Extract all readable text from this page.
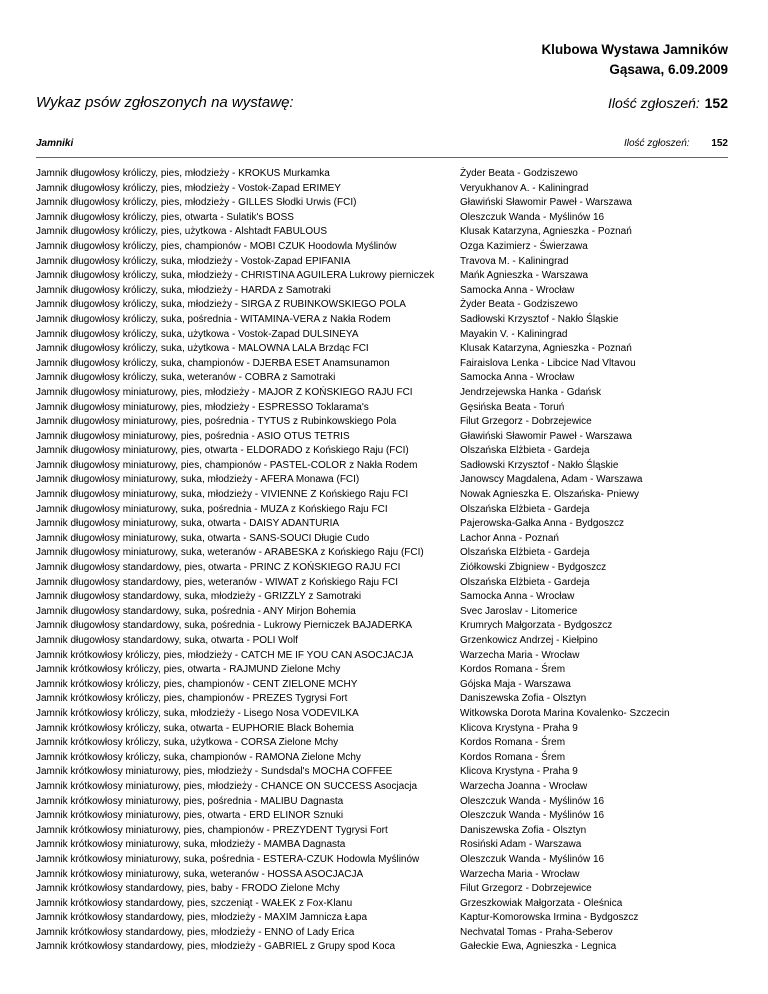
Klubowa Wystawa Jamników
Gąsawa, 6.09.2009
Wykaz psów zgłoszonych na wystawę:	Ilość zgłoszeń: 152
Jamniki	Ilość zgłoszeń: 152
Jamnik długowłosy króliczy, pies, młodzieży - KROKUS Murkamka	Żyder Beata - Godziszewo
Jamnik długowłosy króliczy, pies, młodzieży - Vostok-Zapad ERIMEY	Veryukhanov A. - Kaliningrad
Jamnik długowłosy króliczy, pies, młodzieży - GILLES Słodki Urwis (FCI)	Gławiński Sławomir Paweł - Warszawa
Jamnik długowłosy króliczy, pies, otwarta - Sulatik's BOSS	Oleszczuk Wanda - Myślinów 16
Jamnik długowłosy króliczy, pies, użytkowa - Alshtadt FABULOUS	Klusak Katarzyna, Agnieszka - Poznań
Jamnik długowłosy króliczy, pies, championów - MOBI CZUK Hoodowla Myślinów	Ozga Kazimierz - Świerzawa
Jamnik długowłosy króliczy, suka, młodzieży - Vostok-Zapad EPIFANIA	Travova M. - Kaliningrad
Jamnik długowłosy króliczy, suka, młodzieży - CHRISTINA AGUILERA Lukrowy pierniczek	Mańk Agnieszka - Warszawa
Jamnik długowłosy króliczy, suka, młodzieży - HARDA z Samotraki	Samocka Anna - Wrocław
Jamnik długowłosy króliczy, suka, młodzieży - SIRGA Z RUBINKOWSKIEGO POLA	Żyder Beata - Godziszewo
Jamnik długowłosy króliczy, suka, pośrednia - WITAMINA-VERA z Nakła Rodem	Sadłowski Krzysztof - Nakło Śląskie
Jamnik długowłosy króliczy, suka, użytkowa - Vostok-Zapad DULSINEYA	Mayakin V. - Kaliningrad
Jamnik długowłosy króliczy, suka, użytkowa - MALOWNA LALA Brzdąc FCI	Klusak Katarzyna, Agnieszka - Poznań
Jamnik długowłosy króliczy, suka, championów - DJERBA ESET Anamsunamon	Fairaislova Lenka - Libcice Nad Vltavou
Jamnik długowłosy króliczy, suka, weteranów - COBRA z Samotraki	Samocka Anna - Wrocław
Jamnik długowłosy miniaturowy, pies, młodzieży - MAJOR Z KOŃSKIEGO RAJU FCI	Jendrzejewska Hanka - Gdańsk
Jamnik długowłosy miniaturowy, pies, młodzieży - ESPRESSO Toklarama's	Gęsińska Beata - Toruń
Jamnik długowłosy miniaturowy, pies, pośrednia - TYTUS z Rubinkowskiego Pola	Filut Grzegorz - Dobrzejewice
Jamnik długowłosy miniaturowy, pies, pośrednia - ASIO OTUS TETRIS	Gławiński Sławomir Paweł - Warszawa
Jamnik długowłosy miniaturowy, pies, otwarta - ELDORADO z Końskiego Raju (FCI)	Olszańska Elżbieta - Gardeja
Jamnik długowłosy miniaturowy, pies, championów - PASTEL-COLOR z Nakła Rodem	Sadłowski Krzysztof - Nakło Śląskie
Jamnik długowłosy miniaturowy, suka, młodzieży - AFERA Monawa (FCI)	Janowscy Magdalena, Adam - Warszawa
Jamnik długowłosy miniaturowy, suka, młodzieży - VIVIENNE Z Końskiego Raju FCI	Nowak Agnieszka E. Olszańska- Pniewy
Jamnik długowłosy miniaturowy, suka, pośrednia - MUZA z Końskiego Raju FCI	Olszańska Elżbieta - Gardeja
Jamnik długowłosy miniaturowy, suka, otwarta - DAISY ADANTURIA	Pajerowska-Gałka Anna - Bydgoszcz
Jamnik długowłosy miniaturowy, suka, otwarta - SANS-SOUCI Długie Cudo	Lachor Anna - Poznań
Jamnik długowłosy miniaturowy, suka, weteranów - ARABESKA z Końskiego Raju (FCI)	Olszańska Elżbieta - Gardeja
Jamnik długowłosy standardowy, pies, otwarta - PRINC Z KOŃSKIEGO RAJU FCI	Ziółkowski Zbigniew - Bydgoszcz
Jamnik długowłosy standardowy, pies, weteranów - WIWAT z Końskiego Raju FCI	Olszańska Elżbieta - Gardeja
Jamnik długowłosy standardowy, suka, młodzieży - GRIZZLY z Samotraki	Samocka Anna - Wrocław
Jamnik długowłosy standardowy, suka, pośrednia - ANY Mirjon Bohemia	Svec Jaroslav - Litomerice
Jamnik długowłosy standardowy, suka, pośrednia - Lukrowy Pierniczek BAJADERKA	Krumrych Małgorzata - Bydgoszcz
Jamnik długowłosy standardowy, suka, otwarta - POLI Wolf	Grzenkowicz Andrzej - Kiełpino
Jamnik krótkowłosy króliczy, pies, młodzieży - CATCH ME IF YOU CAN ASOCJACJA	Warzecha Maria - Wrocław
Jamnik krótkowłosy króliczy, pies, otwarta - RAJMUND Zielone Mchy	Kordos Romana - Śrem
Jamnik krótkowłosy króliczy, pies, championów - CENT ZIELONE MCHY	Gójska Maja - Warszawa
Jamnik krótkowłosy króliczy, pies, championów - PREZES Tygrysi Fort	Daniszewska Zofia - Olsztyn
Jamnik krótkowłosy króliczy, suka, młodzieży - Lisego Nosa VODEVILKA	Witkowska Dorota Marina Kovalenko- Szczecin
Jamnik krótkowłosy króliczy, suka, otwarta - EUPHORIE Black Bohemia	Klicova Krystyna - Praha 9
Jamnik krótkowłosy króliczy, suka, użytkowa - CORSA Zielone Mchy	Kordos Romana - Śrem
Jamnik krótkowłosy króliczy, suka, championów - RAMONA Zielone Mchy	Kordos Romana - Śrem
Jamnik krótkowłosy miniaturowy, pies, młodzieży - Sundsdal's MOCHA COFFEE	Klicova Krystyna - Praha 9
Jamnik krótkowłosy miniaturowy, pies, młodzieży - CHANCE ON SUCCESS Asocjacja	Warzecha Joanna - Wrocław
Jamnik krótkowłosy miniaturowy, pies, pośrednia - MALIBU Dagnasta	Oleszczuk Wanda - Myślinów 16
Jamnik krótkowłosy miniaturowy, pies, otwarta - ERD ELINOR Sznuki	Oleszczuk Wanda - Myślinów 16
Jamnik krótkowłosy miniaturowy, pies, championów - PREZYDENT Tygrysi Fort	Daniszewska Zofia - Olsztyn
Jamnik krótkowłosy miniaturowy, suka, młodzieży - MAMBA Dagnasta	Rosiński Adam - Warszawa
Jamnik krótkowłosy miniaturowy, suka, pośrednia - ESTERA-CZUK Hodowla Myślinów	Oleszczuk Wanda - Myślinów 16
Jamnik krótkowłosy miniaturowy, suka, weteranów - HOSSA ASOCJACJA	Warzecha Maria - Wrocław
Jamnik krótkowłosy standardowy, pies, baby - FRODO Zielone Mchy	Filut Grzegorz - Dobrzejewice
Jamnik krótkowłosy standardowy, pies, szczeniąt - WAŁEK z Fox-Klanu	Grzeszkowiak Małgorzata - Oleśnica
Jamnik krótkowłosy standardowy, pies, młodzieży - MAXIM Jamnicza Łapa	Kaptur-Komorowska Irmina - Bydgoszcz
Jamnik krótkowłosy standardowy, pies, młodzieży - ENNO of Lady Erica	Nechvatal Tomas - Praha-Seberov
Jamnik krótkowłosy standardowy, pies, młodzieży - GABRIEL z Grupy spod Koca	Gałeckie Ewa, Agnieszka - Legnica
